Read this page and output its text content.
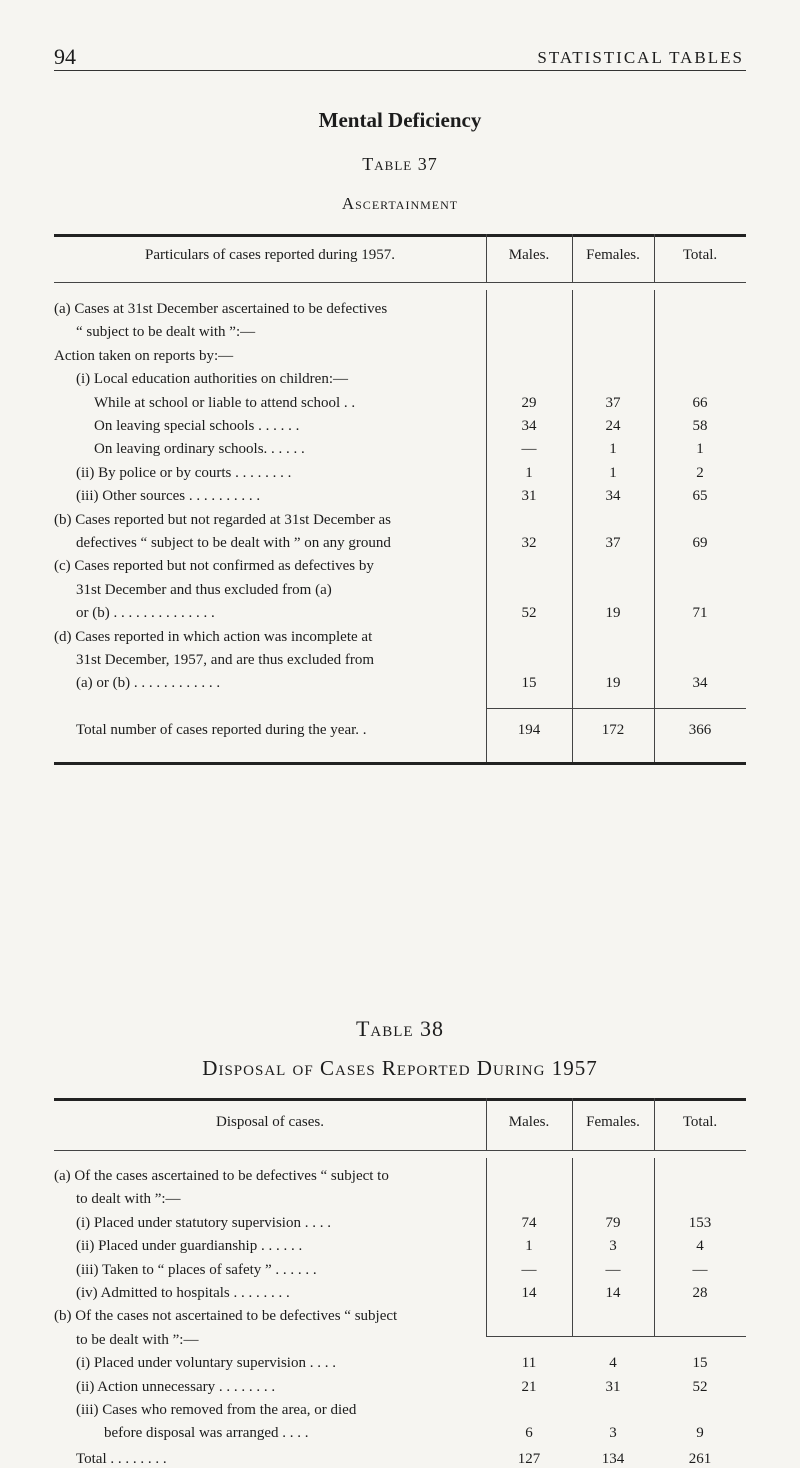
94	STATISTICAL TABLES
Mental Deficiency
Table 37
Ascertainment
Particulars of cases reported during 1957.	Males.	Females.	Total.
(a) Cases at 31st December ascertained to be defectives
“ subject to be dealt with ”:—
Action taken on reports by:—
(i) Local education authorities on children:—
While at school or liable to attend school . .	29	37	66
On leaving special schools . . . . . .	34	24	58
On leaving ordinary schools. . . . . .	—	1	1
(ii) By police or by courts . . . . . . . .	1	1	2
(iii) Other sources . . . . . . . . . .	31	34	65
(b) Cases reported but not regarded at 31st December as
defectives “ subject to be dealt with ” on any ground	32	37	69
(c) Cases reported but not confirmed as defectives by
31st December and thus excluded from (a)
or (b) . . . . . . . . . . . . . .	52	19	71
(d) Cases reported in which action was incomplete at
31st December, 1957, and are thus excluded from
(a) or (b) . . . . . . . . . . . .	15	19	34
Total number of cases reported during the year. .	194	172	366
Table 38
Disposal of Cases Reported During 1957
Disposal of cases.	Males.	Females.	Total.
(a) Of the cases ascertained to be defectives “ subject to
to dealt with ”:—
(i) Placed under statutory supervision . . . .	74	79	153
(ii) Placed under guardianship . . . . . .	1	3	4
(iii) Taken to “ places of safety ” . . . . . .	—	—	—
(iv) Admitted to hospitals . . . . . . . .	14	14	28
(b) Of the cases not ascertained to be defectives “ subject
to be dealt with ”:—
(i) Placed under voluntary supervision . . . .	11	4	15
(ii) Action unnecessary . . . . . . . .	21	31	52
(iii) Cases who removed from the area, or died
before disposal was arranged . . . .	6	3	9
Total . . . . . . . .	127	134	261
